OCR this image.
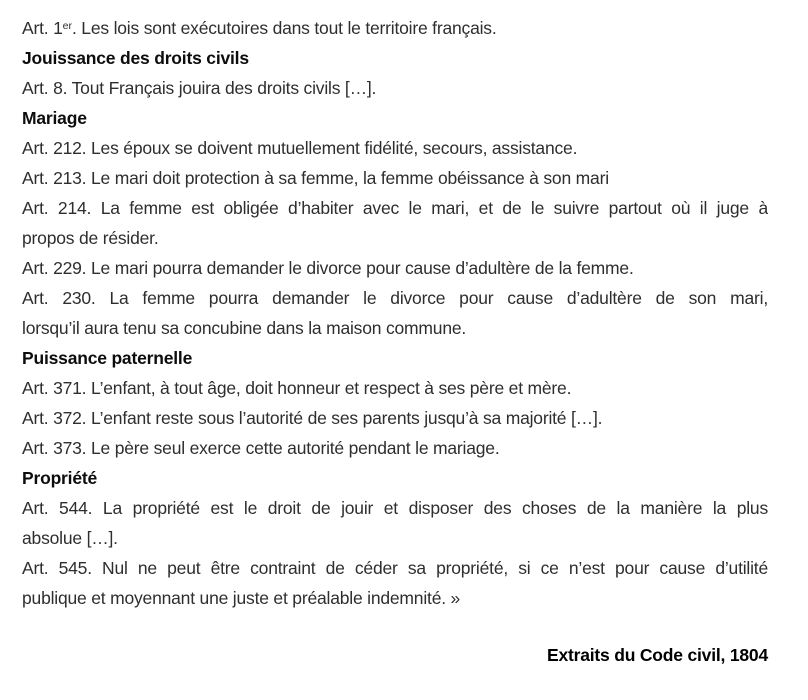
Art. 1er. Les lois sont exécutoires dans tout le territoire français.
Jouissance des droits civils
Art. 8. Tout Français jouira des droits civils […].
Mariage
Art. 212. Les époux se doivent mutuellement fidélité, secours, assistance.
Art. 213. Le mari doit protection à sa femme, la femme obéissance à son mari
Art. 214. La femme est obligée d’habiter avec le mari, et de le suivre partout où il juge à
propos de résider.
Art. 229. Le mari pourra demander le divorce pour cause d’adultère de la femme.
Art. 230. La femme pourra demander le divorce pour cause d’adultère de son mari,
lorsqu’il aura tenu sa concubine dans la maison commune.
Puissance paternelle
Art. 371. L’enfant, à tout âge, doit honneur et respect à ses père et mère.
Art. 372. L’enfant reste sous l’autorité de ses parents jusqu’à sa majorité […].
Art. 373. Le père seul exerce cette autorité pendant le mariage.
Propriété
Art. 544. La propriété est le droit de jouir et disposer des choses de la manière la plus
absolue […].
Art. 545. Nul ne peut être contraint de céder sa propriété, si ce n’est pour cause d’utilité
publique et moyennant une juste et préalable indemnité. »
Extraits du Code civil, 1804
